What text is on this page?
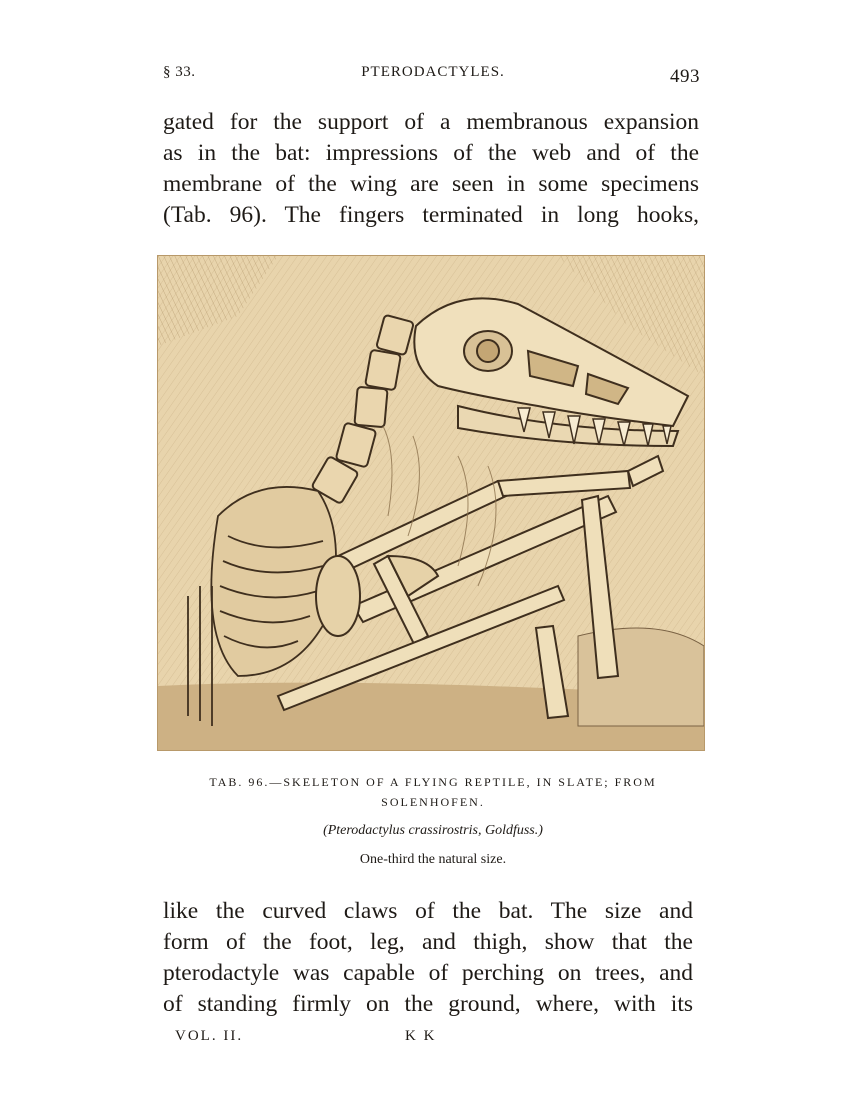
§ 33.	PTERODACTYLES.	493
gated for the support of a membranous expansion
as in the bat: impressions of the web and of the
membrane of the wing are seen in some specimens
(Tab. 96). The fingers terminated in long hooks,
TAB. 96.—SKELETON OF A FLYING REPTILE, IN SLATE; FROM
SOLENHOFEN.
(Pterodactylus crassirostris, Goldfuss.)
One-third the natural size.
like the curved claws of the bat. The size and
form of the foot, leg, and thigh, show that the
pterodactyle was capable of perching on trees, and
of standing firmly on the ground, where, with its
VOL. II.	K K
